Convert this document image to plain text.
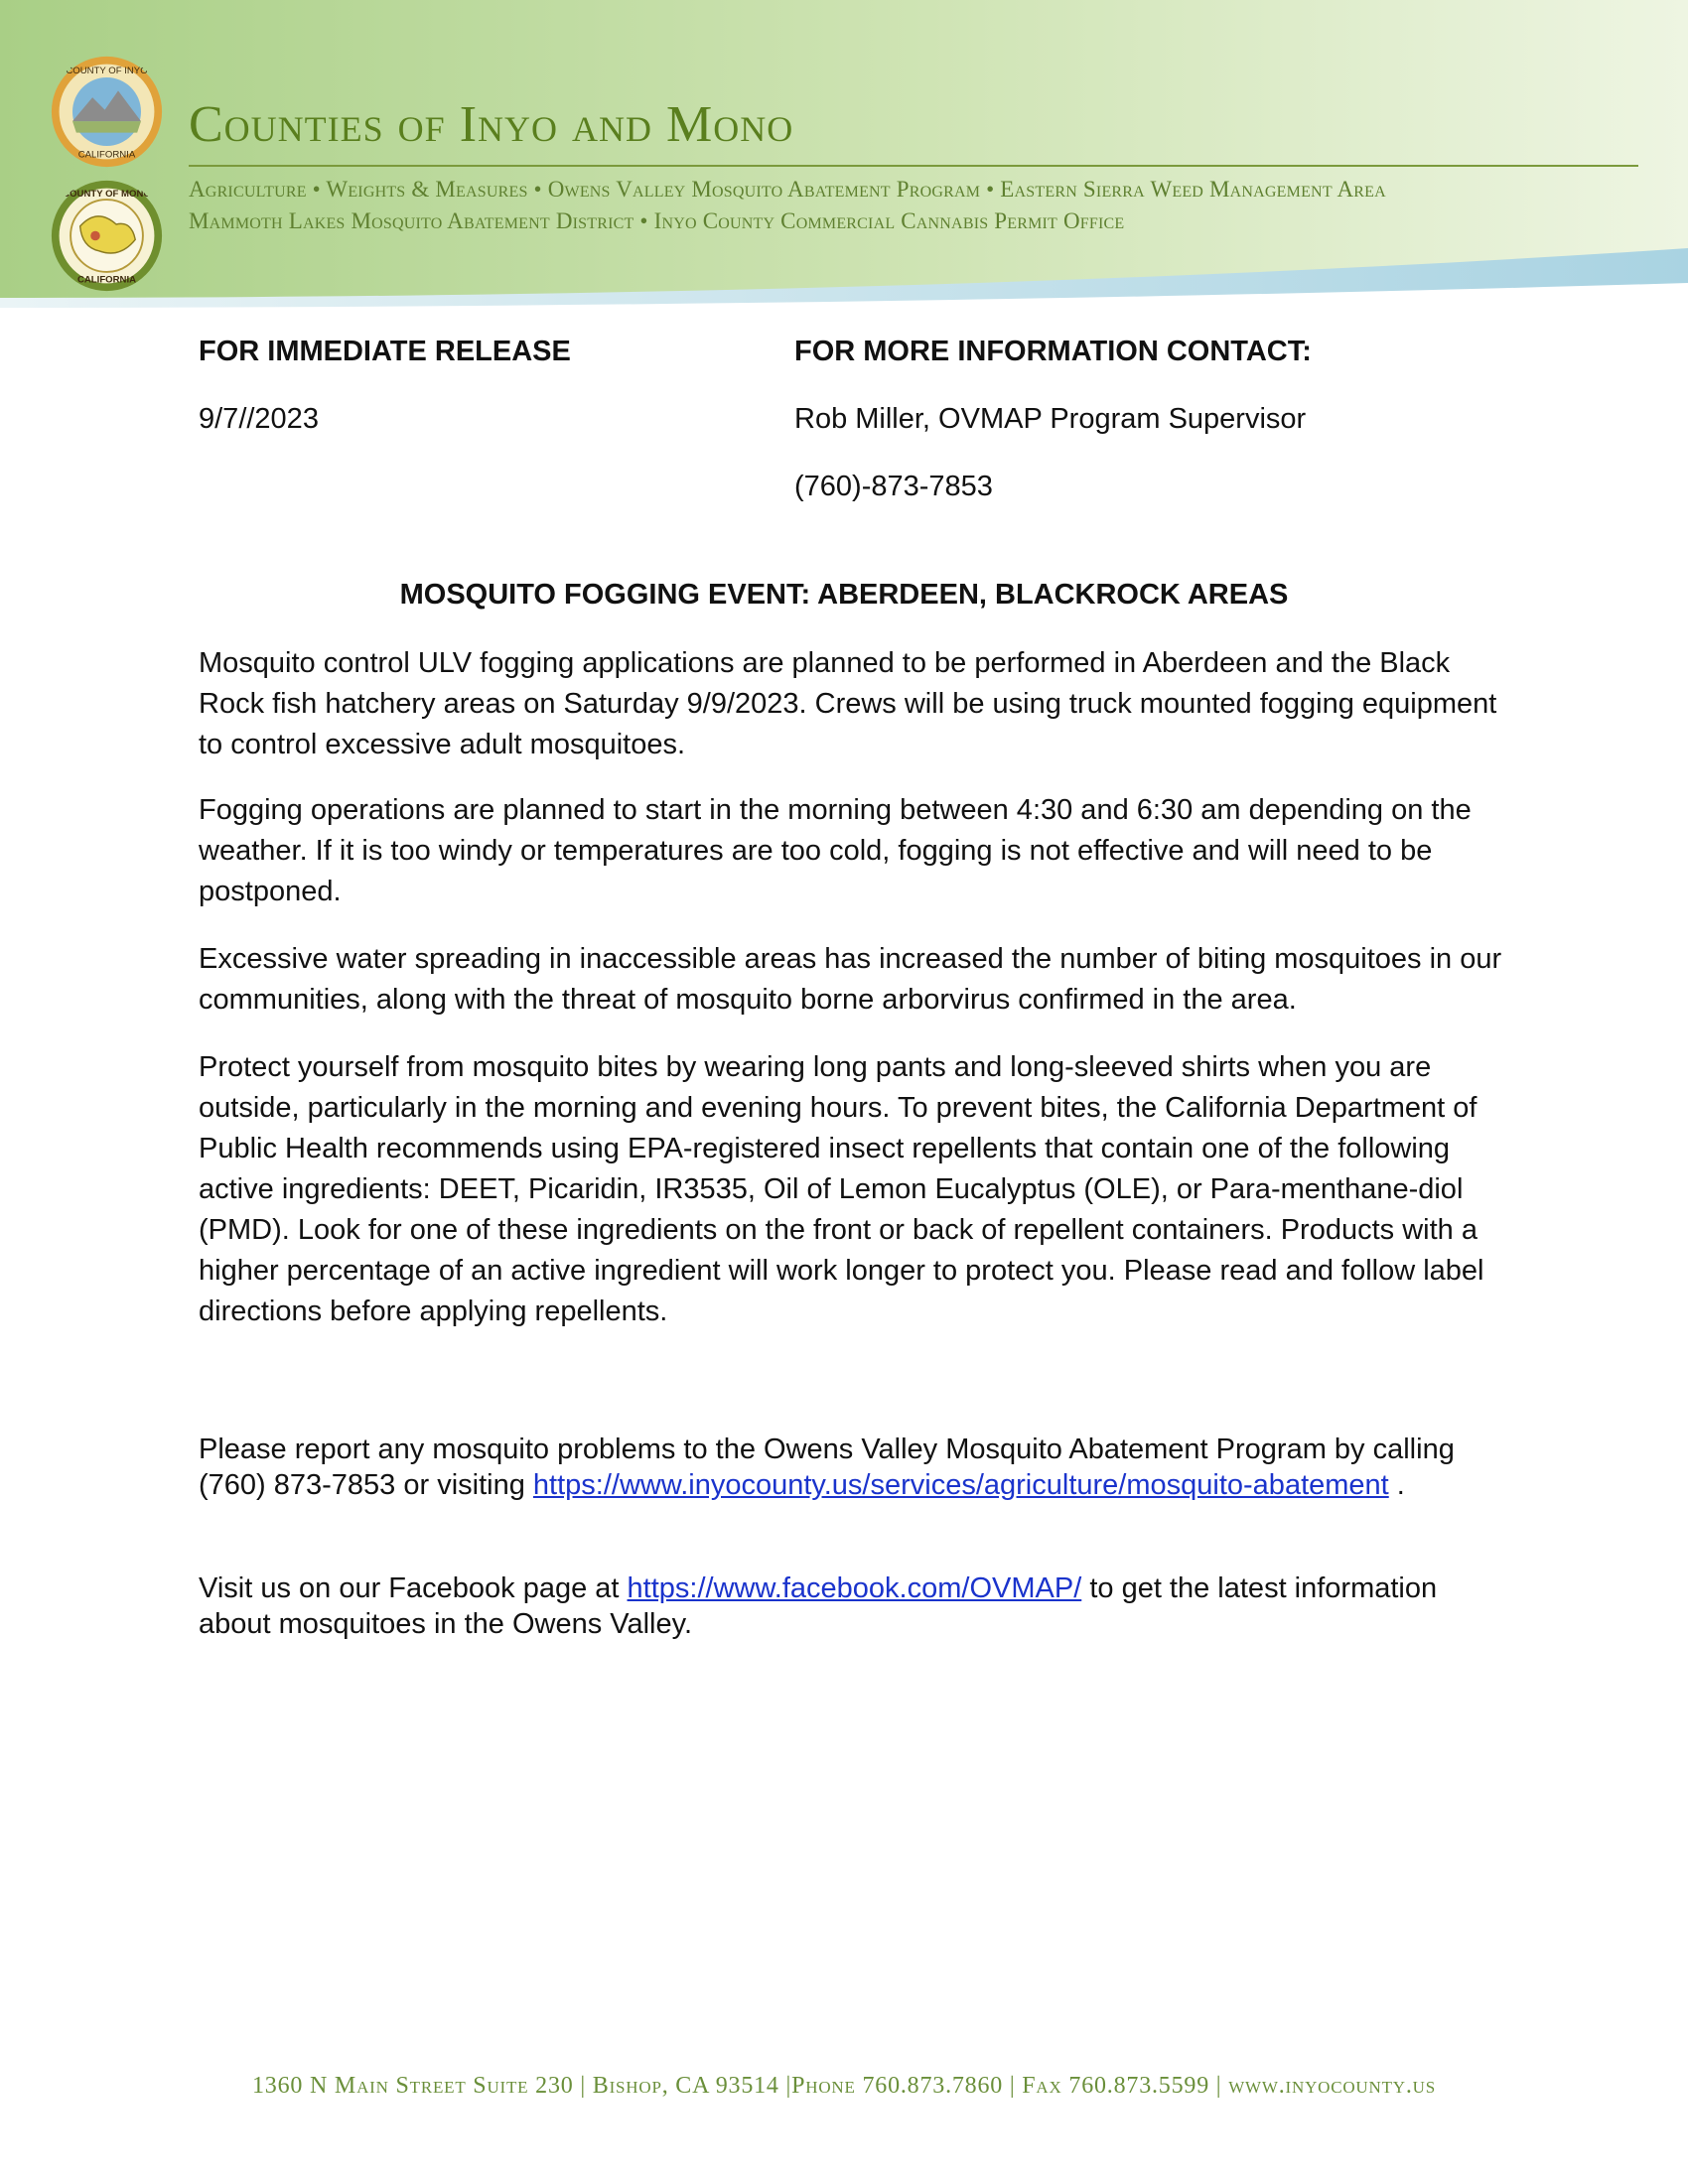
COUNTY OF INYO
CALIFORNIA
COUNTY OF MONO
CALIFORNIA
Counties of Inyo and Mono
Agriculture • Weights & Measures • Owens Valley Mosquito Abatement Program • Eastern Sierra Weed Management Area
Mammoth Lakes Mosquito Abatement District • Inyo County Commercial Cannabis Permit Office
FOR IMMEDIATE RELEASE
9/7//2023
FOR MORE INFORMATION CONTACT:
Rob Miller, OVMAP Program Supervisor
(760)-873-7853
MOSQUITO FOGGING EVENT: ABERDEEN, BLACKROCK AREAS
Mosquito control ULV fogging applications are planned to be performed in Aberdeen and the Black Rock fish hatchery areas on Saturday 9/9/2023. Crews will be using truck mounted fogging equipment to control excessive adult mosquitoes.
Fogging operations are planned to start in the morning between 4:30 and 6:30 am depending on the weather. If it is too windy or temperatures are too cold, fogging is not effective and will need to be postponed.
Excessive water spreading in inaccessible areas has increased the number of biting mosquitoes in our communities, along with the threat of mosquito borne arborvirus confirmed in the area.
Protect yourself from mosquito bites by wearing long pants and long-sleeved shirts when you are outside, particularly in the morning and evening hours. To prevent bites, the California Department of Public Health recommends using EPA-registered insect repellents that contain one of the following active ingredients: DEET, Picaridin, IR3535, Oil of Lemon Eucalyptus (OLE), or Para-menthane-diol (PMD). Look for one of these ingredients on the front or back of repellent containers. Products with a higher percentage of an active ingredient will work longer to protect you. Please read and follow label directions before applying repellents.
Please report any mosquito problems to the Owens Valley Mosquito Abatement Program by calling (760) 873-7853 or visiting https://www.inyocounty.us/services/agriculture/mosquito-abatement .
Visit us on our Facebook page at https://www.facebook.com/OVMAP/ to get the latest information about mosquitoes in the Owens Valley.
1360 N Main Street Suite 230 | Bishop, CA 93514 |Phone 760.873.7860 | Fax 760.873.5599 | www.inyocounty.us
